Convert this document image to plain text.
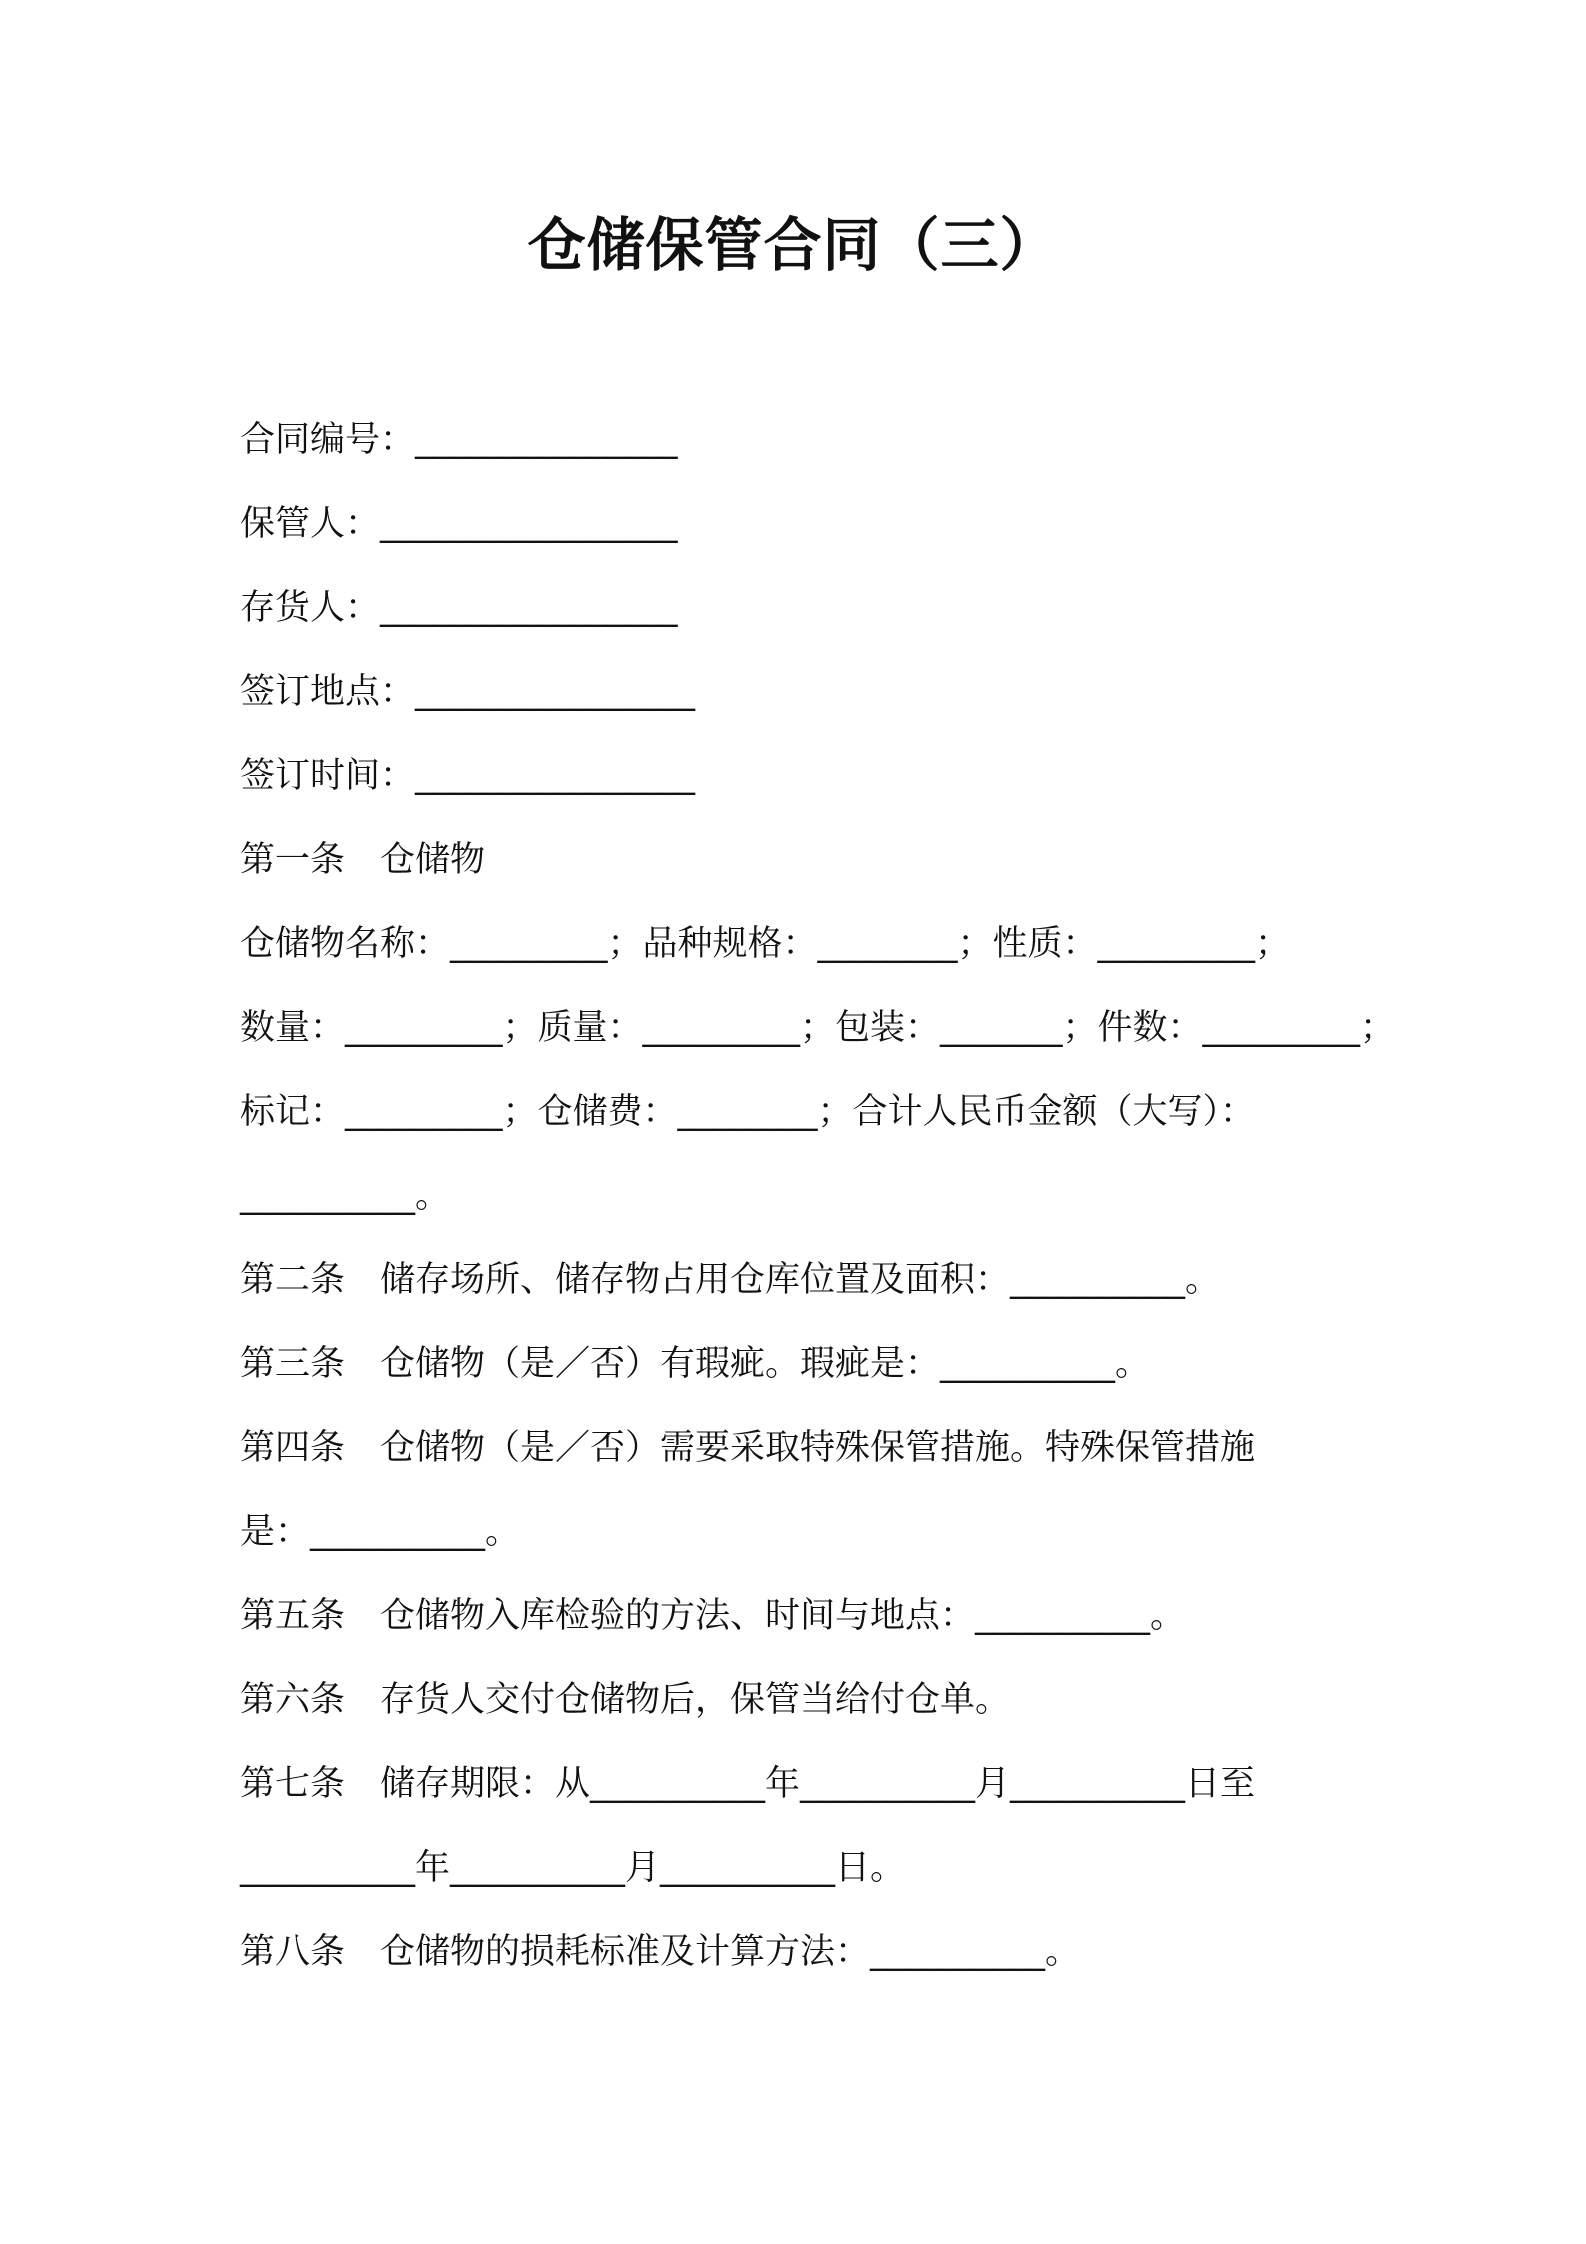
仓储保管合同（三）

合同编号：_______________

保管人：_________________

存货人：_________________

签订地点：________________

签订时间：________________

第一条　仓储物

仓储物名称：_________；品种规格：________；性质：_________；

数量：_________；质量：_________；包装：_______；件数：_________；

标记：_________；仓储费：________；合计人民币金额（大写）：

__________。

第二条　储存场所、储存物占用仓库位置及面积：__________。

第三条　仓储物（是／否）有瑕疵。瑕疵是：__________。

第四条　仓储物（是／否）需要采取特殊保管措施。特殊保管措施

是：__________。

第五条　仓储物入库检验的方法、时间与地点：__________。

第六条　存货人交付仓储物后，保管当给付仓单。

第七条　储存期限：从__________年__________月__________日至

__________年__________月__________日。

第八条　仓储物的损耗标准及计算方法：__________。
